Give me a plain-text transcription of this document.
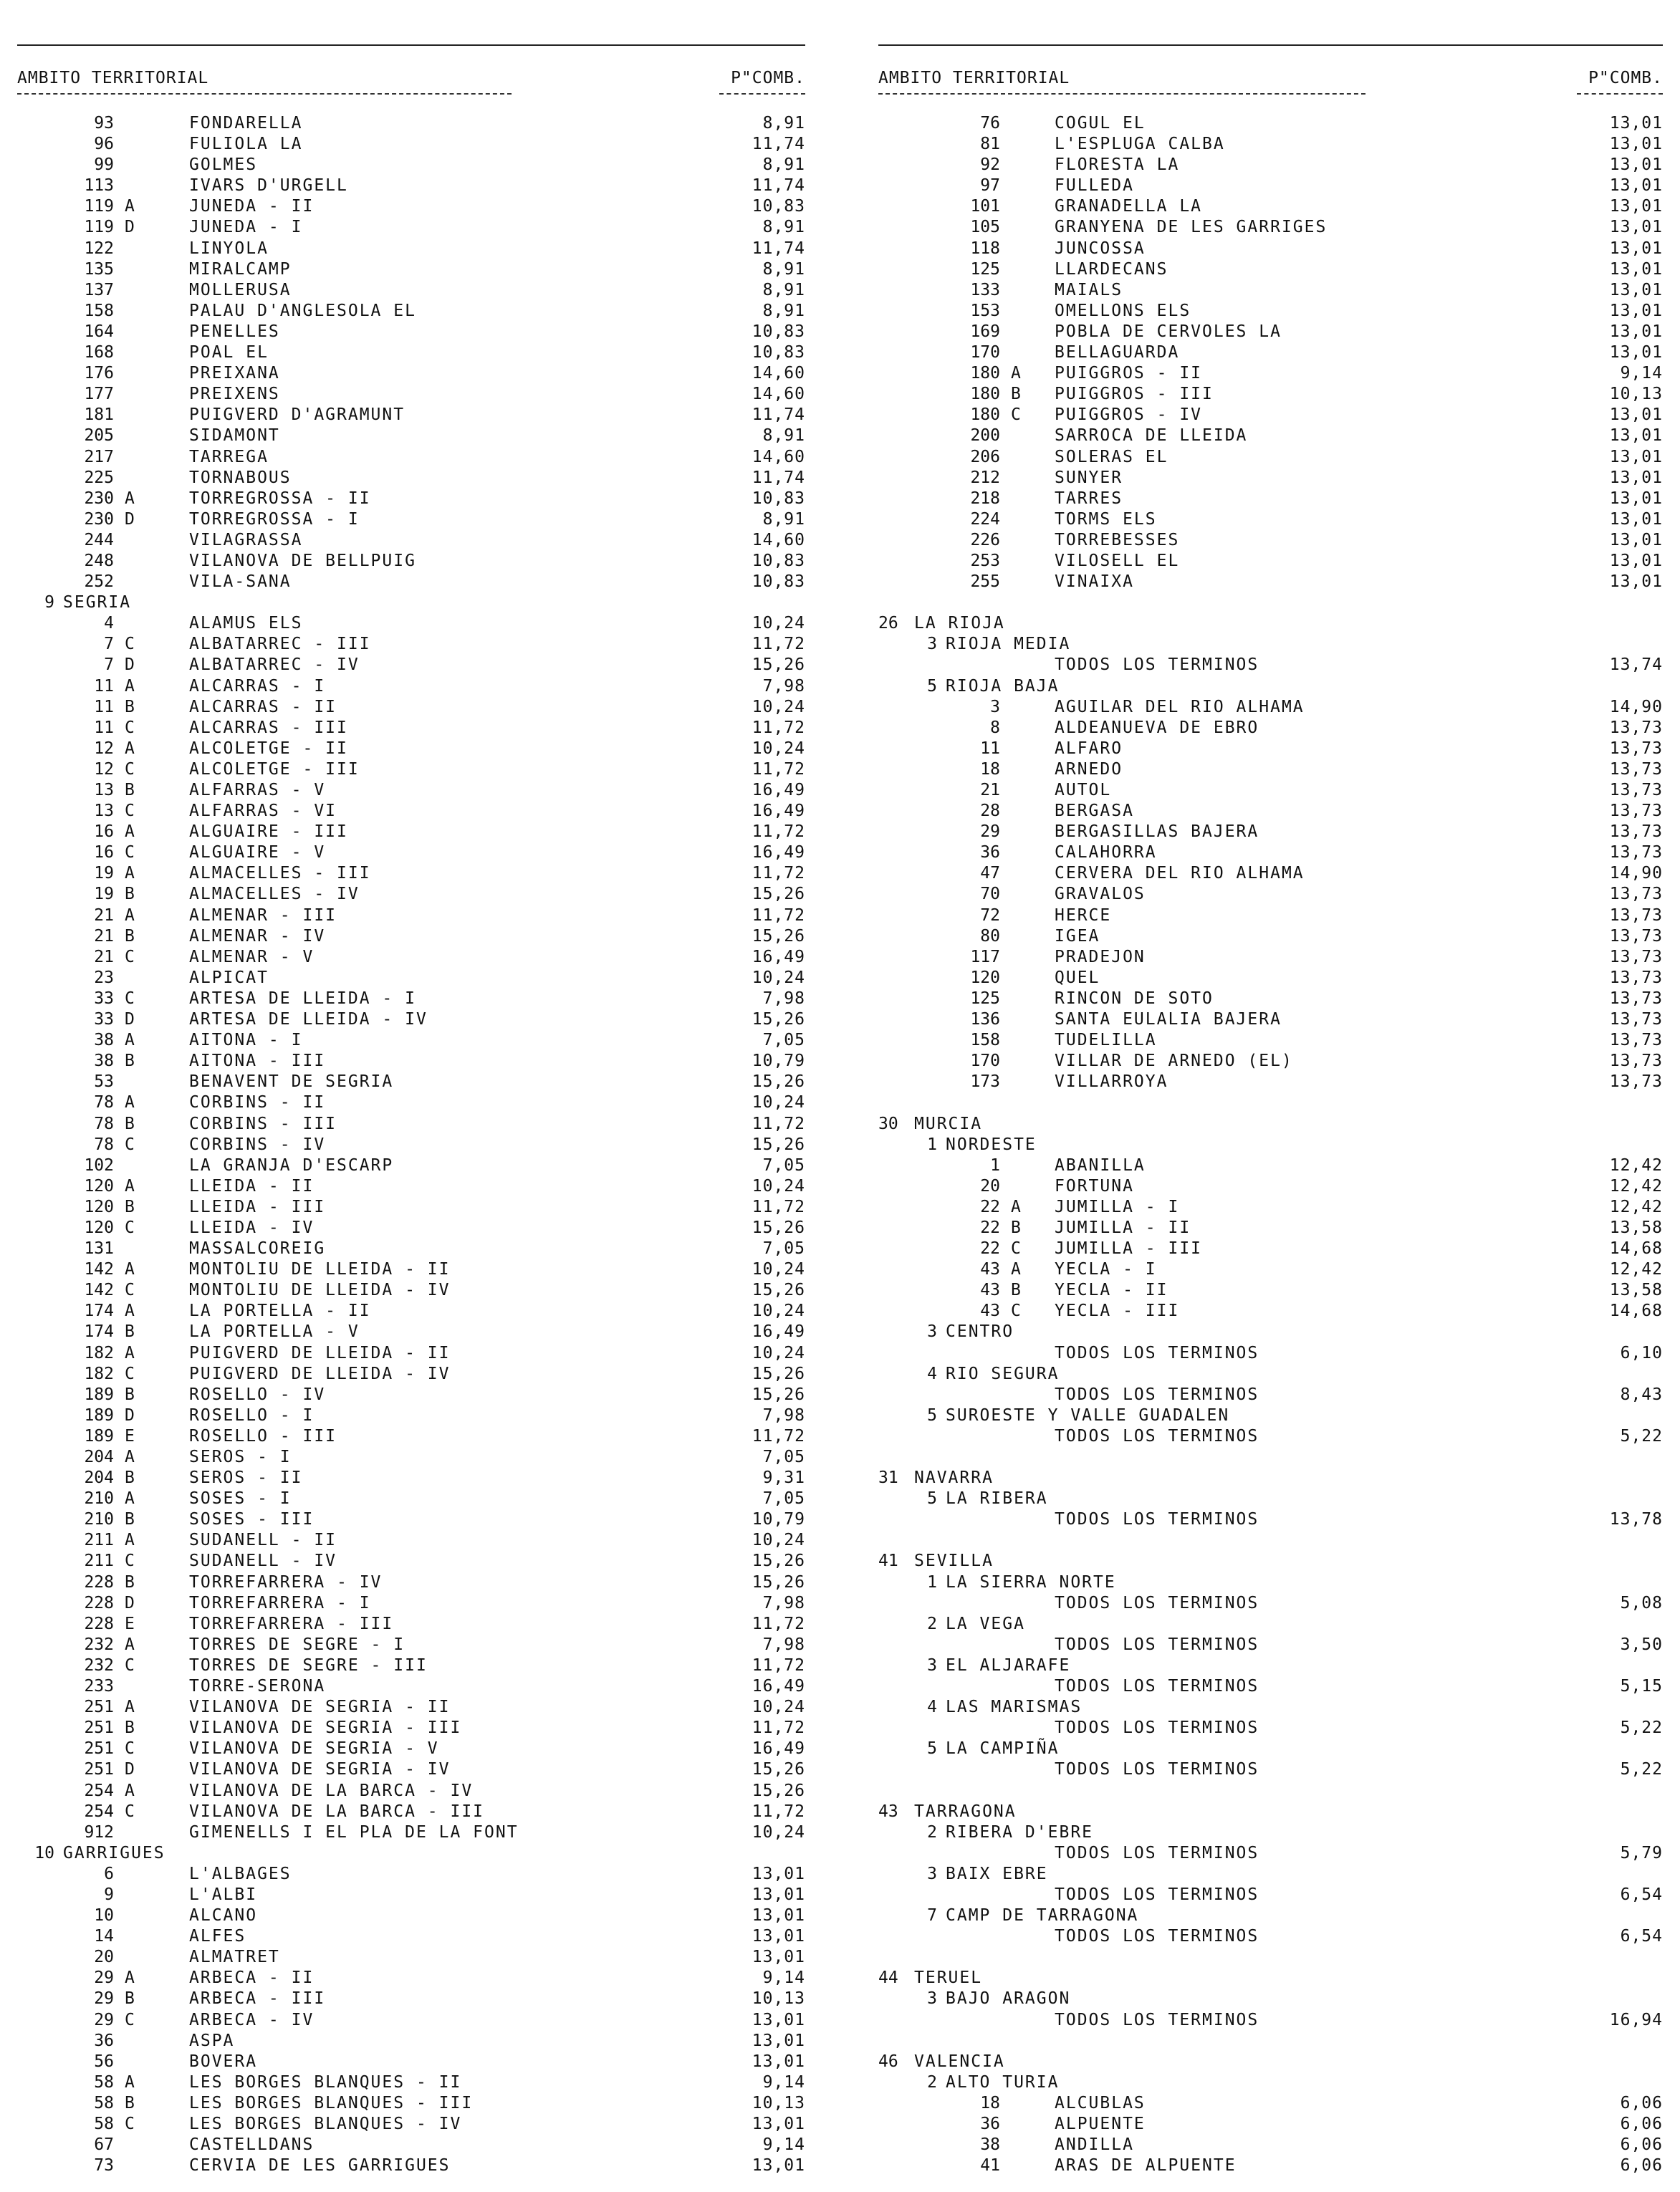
AMBITO TERRITORIAL	P"COMB.
93	FONDARELLA	8,91
96	FULIOLA LA	11,74
99	GOLMES	8,91
113	IVARS D'URGELL	11,74
119 A	JUNEDA - II	10,83
119 D	JUNEDA - I	8,91
122	LINYOLA	11,74
135	MIRALCAMP	8,91
137	MOLLERUSA	8,91
158	PALAU D'ANGLESOLA EL	8,91
164	PENELLES	10,83
168	POAL EL	10,83
176	PREIXANA	14,60
177	PREIXENS	14,60
181	PUIGVERD D'AGRAMUNT	11,74
205	SIDAMONT	8,91
217	TARREGA	14,60
225	TORNABOUS	11,74
230 A	TORREGROSSA - II	10,83
230 D	TORREGROSSA - I	8,91
244	VILAGRASSA	14,60
248	VILANOVA DE BELLPUIG	10,83
252	VILA-SANA	10,83
9 SEGRIA
4	ALAMUS ELS	10,24
7 C	ALBATARREC - III	11,72
7 D	ALBATARREC - IV	15,26
11 A	ALCARRAS - I	7,98
11 B	ALCARRAS - II	10,24
11 C	ALCARRAS - III	11,72
12 A	ALCOLETGE - II	10,24
12 C	ALCOLETGE - III	11,72
13 B	ALFARRAS - V	16,49
13 C	ALFARRAS - VI	16,49
16 A	ALGUAIRE - III	11,72
16 C	ALGUAIRE - V	16,49
19 A	ALMACELLES - III	11,72
19 B	ALMACELLES - IV	15,26
21 A	ALMENAR - III	11,72
21 B	ALMENAR - IV	15,26
21 C	ALMENAR - V	16,49
23	ALPICAT	10,24
33 C	ARTESA DE LLEIDA - I	7,98
33 D	ARTESA DE LLEIDA - IV	15,26
38 A	AITONA - I	7,05
38 B	AITONA - III	10,79
53	BENAVENT DE SEGRIA	15,26
78 A	CORBINS - II	10,24
78 B	CORBINS - III	11,72
78 C	CORBINS - IV	15,26
102	LA GRANJA D'ESCARP	7,05
120 A	LLEIDA - II	10,24
120 B	LLEIDA - III	11,72
120 C	LLEIDA - IV	15,26
131	MASSALCOREIG	7,05
142 A	MONTOLIU DE LLEIDA - II	10,24
142 C	MONTOLIU DE LLEIDA - IV	15,26
174 A	LA PORTELLA - II	10,24
174 B	LA PORTELLA - V	16,49
182 A	PUIGVERD DE LLEIDA - II	10,24
182 C	PUIGVERD DE LLEIDA - IV	15,26
189 B	ROSELLO - IV	15,26
189 D	ROSELLO - I	7,98
189 E	ROSELLO - III	11,72
204 A	SEROS - I	7,05
204 B	SEROS - II	9,31
210 A	SOSES - I	7,05
210 B	SOSES - III	10,79
211 A	SUDANELL - II	10,24
211 C	SUDANELL - IV	15,26
228 B	TORREFARRERA - IV	15,26
228 D	TORREFARRERA - I	7,98
228 E	TORREFARRERA - III	11,72
232 A	TORRES DE SEGRE - I	7,98
232 C	TORRES DE SEGRE - III	11,72
233	TORRE-SERONA	16,49
251 A	VILANOVA DE SEGRIA - II	10,24
251 B	VILANOVA DE SEGRIA - III	11,72
251 C	VILANOVA DE SEGRIA - V	16,49
251 D	VILANOVA DE SEGRIA - IV	15,26
254 A	VILANOVA DE LA BARCA - IV	15,26
254 C	VILANOVA DE LA BARCA - III	11,72
912	GIMENELLS I EL PLA DE LA FONT	10,24
10 GARRIGUES
6	L'ALBAGES	13,01
9	L'ALBI	13,01
10	ALCANO	13,01
14	ALFES	13,01
20	ALMATRET	13,01
29 A	ARBECA - II	9,14
29 B	ARBECA - III	10,13
29 C	ARBECA - IV	13,01
36	ASPA	13,01
56	BOVERA	13,01
58 A	LES BORGES BLANQUES - II	9,14
58 B	LES BORGES BLANQUES - III	10,13
58 C	LES BORGES BLANQUES - IV	13,01
67	CASTELLDANS	9,14
73	CERVIA DE LES GARRIGUES	13,01
AMBITO TERRITORIAL	P"COMB.
76	COGUL EL	13,01
81	L'ESPLUGA CALBA	13,01
92	FLORESTA LA	13,01
97	FULLEDA	13,01
101	GRANADELLA LA	13,01
105	GRANYENA DE LES GARRIGES	13,01
118	JUNCOSSA	13,01
125	LLARDECANS	13,01
133	MAIALS	13,01
153	OMELLONS ELS	13,01
169	POBLA DE CERVOLES LA	13,01
170	BELLAGUARDA	13,01
180 A PUIGGROS - II	9,14
180 B PUIGGROS - III	10,13
180 C PUIGGROS - IV	13,01
200	SARROCA DE LLEIDA	13,01
206	SOLERAS EL	13,01
212	SUNYER	13,01
218	TARRES	13,01
224	TORMS ELS	13,01
226	TORREBESSES	13,01
253	VILOSELL EL	13,01
255	VINAIXA	13,01
26 LA RIOJA
3 RIOJA MEDIA
TODOS LOS TERMINOS	13,74
5 RIOJA BAJA
3	AGUILAR DEL RIO ALHAMA	14,90
8	ALDEANUEVA DE EBRO	13,73
11	ALFARO	13,73
18	ARNEDO	13,73
21	AUTOL	13,73
28	BERGASA	13,73
29	BERGASILLAS BAJERA	13,73
36	CALAHORRA	13,73
47	CERVERA DEL RIO ALHAMA	14,90
70	GRAVALOS	13,73
72	HERCE	13,73
80	IGEA	13,73
117	PRADEJON	13,73
120	QUEL	13,73
125	RINCON DE SOTO	13,73
136	SANTA EULALIA BAJERA	13,73
158	TUDELILLA	13,73
170	VILLAR DE ARNEDO (EL)	13,73
173	VILLARROYA	13,73
30 MURCIA
1 NORDESTE
1	ABANILLA	12,42
20	FORTUNA	12,42
22 A JUMILLA - I	12,42
22 B JUMILLA - II	13,58
22 C JUMILLA - III	14,68
43 A YECLA - I	12,42
43 B YECLA - II	13,58
43 C YECLA - III	14,68
3 CENTRO
TODOS LOS TERMINOS	6,10
4 RIO SEGURA
TODOS LOS TERMINOS	8,43
5 SUROESTE Y VALLE GUADALEN
TODOS LOS TERMINOS	5,22
31 NAVARRA
5 LA RIBERA
TODOS LOS TERMINOS	13,78
41 SEVILLA
1 LA SIERRA NORTE
TODOS LOS TERMINOS	5,08
2 LA VEGA
TODOS LOS TERMINOS	3,50
3 EL ALJARAFE
TODOS LOS TERMINOS	5,15
4 LAS MARISMAS
TODOS LOS TERMINOS	5,22
5 LA CAMPIÑA
TODOS LOS TERMINOS	5,22
43 TARRAGONA
2 RIBERA D'EBRE
TODOS LOS TERMINOS	5,79
3 BAIX EBRE
TODOS LOS TERMINOS	6,54
7 CAMP DE TARRAGONA
TODOS LOS TERMINOS	6,54
44 TERUEL
3 BAJO ARAGON
TODOS LOS TERMINOS	16,94
46 VALENCIA
2 ALTO TURIA
18	ALCUBLAS	6,06
36	ALPUENTE	6,06
38	ANDILLA	6,06
41	ARAS DE ALPUENTE	6,06
